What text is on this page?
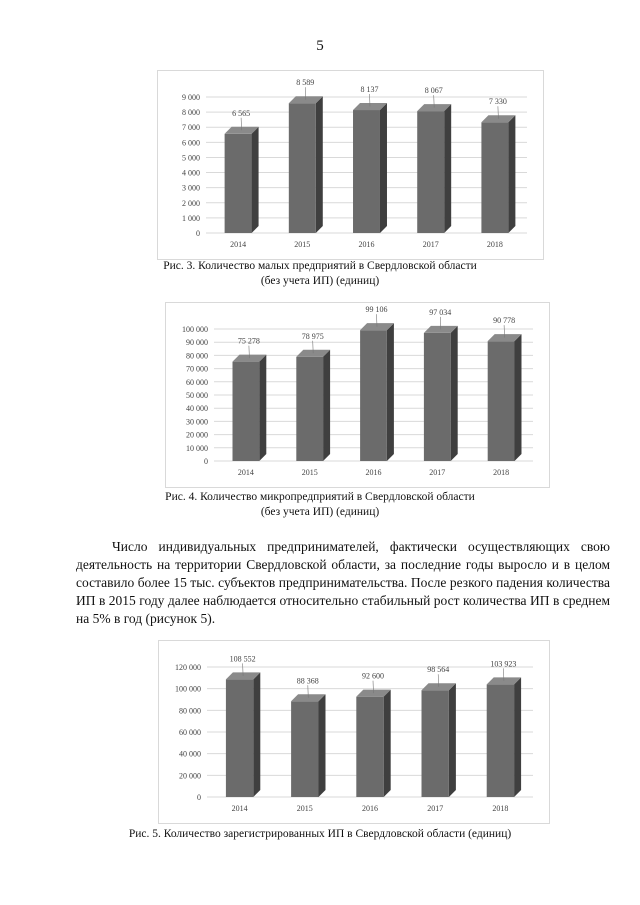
5
0
1 000
2 000
3 000
4 000
5 000
6 000
7 000
8 000
9 000
6 565
2014
8 589
2015
8 137
2016
8 067
2017
7 330
2018
Рис. 3. Количество малых предприятий в Свердловской области
(без учета ИП) (единиц)
0
10 000
20 000
30 000
40 000
50 000
60 000
70 000
80 000
90 000
100 000
75 278
2014
78 975
2015
99 106
2016
97 034
2017
90 778
2018
Рис. 4. Количество микропредприятий в Свердловской области
(без учета ИП) (единиц)

Число индивидуальных предпринимателей, фактически осуществляющих свою деятельность на территории Свердловской области, за последние годы выросло и в целом составило более 15 тыс. субъектов предпринимательства. После резкого падения количества ИП в 2015 году далее наблюдается относительно стабильный рост количества ИП в среднем на 5% в год (рисунок 5).

0
20 000
40 000
60 000
80 000
100 000
120 000
108 552
2014
88 368
2015
92 600
2016
98 564
2017
103 923
2018
Рис. 5. Количество зарегистрированных ИП в Свердловской области (единиц)
